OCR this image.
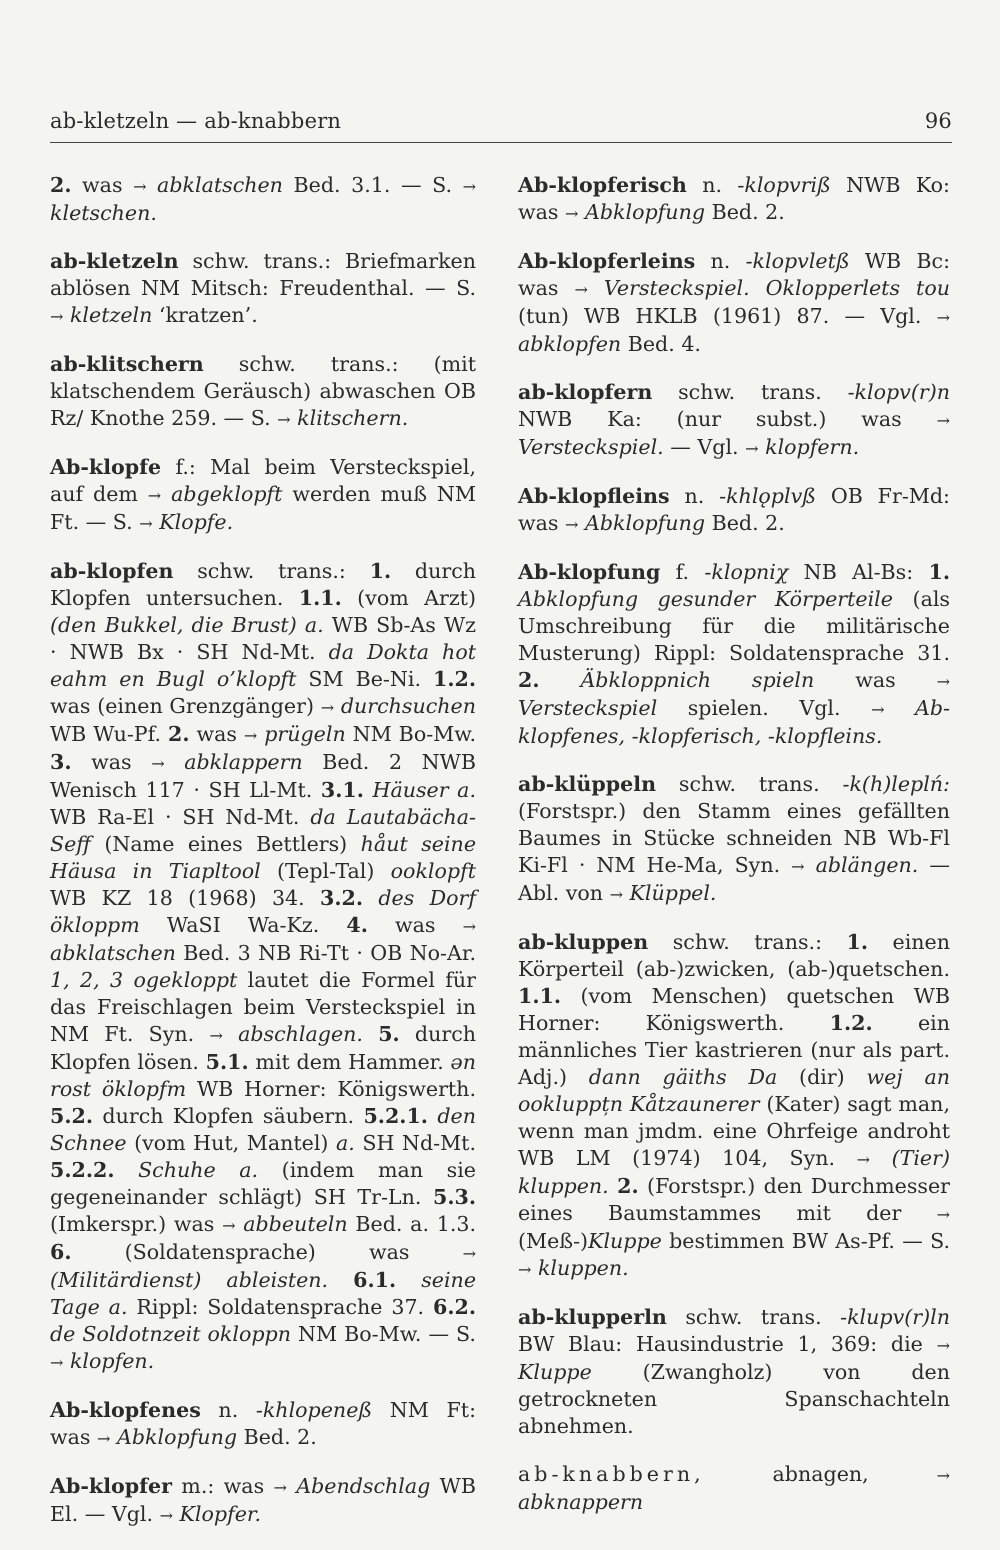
ab-kletzeln — ab-knabbern	96

2. was → abklatschen Bed. 3.1. — S. → kletschen.

ab-kletzeln schw. trans.: Briefmarken ablösen NM Mitsch: Freudenthal. — S. → kletzeln ‘kratzen’.

ab-klitschern schw. trans.: (mit klatschendem Geräusch) abwaschen OB Rz/ Knothe 259. — S. → klitschern.

Ab-klopfe f.: Mal beim Versteckspiel, auf dem → abgeklopft werden muß NM Ft. — S. → Klopfe.

ab-klopfen schw. trans.: 1. durch Klopfen untersuchen. 1.1. (vom Arzt) (den Bukkel, die Brust) a. WB Sb-As Wz · NWB Bx · SH Nd-Mt. da Dokta hot eahm en Bugl o’klopft SM Be-Ni. 1.2. was (einen Grenzgänger) → durchsuchen WB Wu-Pf. 2. was → prügeln NM Bo-Mw. 3. was → abklappern Bed. 2 NWB Wenisch 117 · SH Ll-Mt. 3.1. Häuser a. WB Ra-El · SH Nd-Mt. da Lautabächa-Seff (Name eines Bettlers) håut seine Häusa in Tiapltool (Tepl-Tal) ooklopft WB KZ 18 (1968) 34. 3.2. des Dorf ökloppm WaSI Wa-Kz. 4. was → abklatschen Bed. 3 NB Ri-Tt · OB No-Ar. 1, 2, 3 ogekloppt lautet die Formel für das Freischlagen beim Versteckspiel in NM Ft. Syn. → abschlagen. 5. durch Klopfen lösen. 5.1. mit dem Hammer. ən rost öklopfm WB Horner: Königswerth. 5.2. durch Klopfen säubern. 5.2.1. den Schnee (vom Hut, Mantel) a. SH Nd-Mt. 5.2.2. Schuhe a. (indem man sie gegeneinander schlägt) SH Tr-Ln. 5.3. (Imkerspr.) was → abbeuteln Bed. a. 1.3. 6. (Soldatensprache) was → (Militärdienst) ableisten. 6.1. seine Tage a. Rippl: Soldatensprache 37. 6.2. de Soldotnzeit okloppn NM Bo-Mw. — S. → klopfen.

Ab-klopfenes n. -khlopeneß NM Ft: was → Abklopfung Bed. 2.

Ab-klopfer m.: was → Abendschlag WB El. — Vgl. → Klopfer.

Ab-klopferisch n. -klopvriß NWB Ko: was → Abklopfung Bed. 2.

Ab-klopferleins n. -klopvletß WB Bc: was → Versteckspiel. Oklopperlets tou (tun) WB HKLB (1961) 87. — Vgl. → abklopfen Bed. 4.

ab-klopfern schw. trans. -klopv(r)n NWB Ka: (nur subst.) was → Versteckspiel. — Vgl. → klopfern.

Ab-klopfleins n. -khlǫplvß OB Fr-Md: was → Abklopfung Bed. 2.

Ab-klopfung f. -klopniχ NB Al-Bs: 1. Abklopfung gesunder Körperteile (als Umschreibung für die militärische Musterung) Rippl: Soldatensprache 31. 2. Äbkloppnich spieln was → Versteckspiel spielen. Vgl. → Ab-klopfenes, -klopferisch, -klopfleins.

ab-klüppeln schw. trans. -k(h)leplń: (Forstspr.) den Stamm eines gefällten Baumes in Stücke schneiden NB Wb-Fl Ki-Fl · NM He-Ma, Syn. → ablängen. — Abl. von → Klüppel.

ab-kluppen schw. trans.: 1. einen Körperteil (ab-)zwicken, (ab-)quetschen. 1.1. (vom Menschen) quetschen WB Horner: Königswerth. 1.2. ein männliches Tier kastrieren (nur als part. Adj.) dann gäiths Da (dir) wej an ookluppțn Kåtzaunerer (Kater) sagt man, wenn man jmdm. eine Ohrfeige androht WB LM (1974) 104, Syn. → (Tier) kluppen. 2. (Forstspr.) den Durchmesser eines Baumstammes mit der → (Meß-)Kluppe bestimmen BW As-Pf. — S. → kluppen.

ab-klupperln schw. trans. -klupv(r)ln BW Blau: Hausindustrie 1, 369: die → Kluppe (Zwangholz) von den getrockneten Spanschachteln abnehmen.

ab-knabbern, abnagen, → abknappern
